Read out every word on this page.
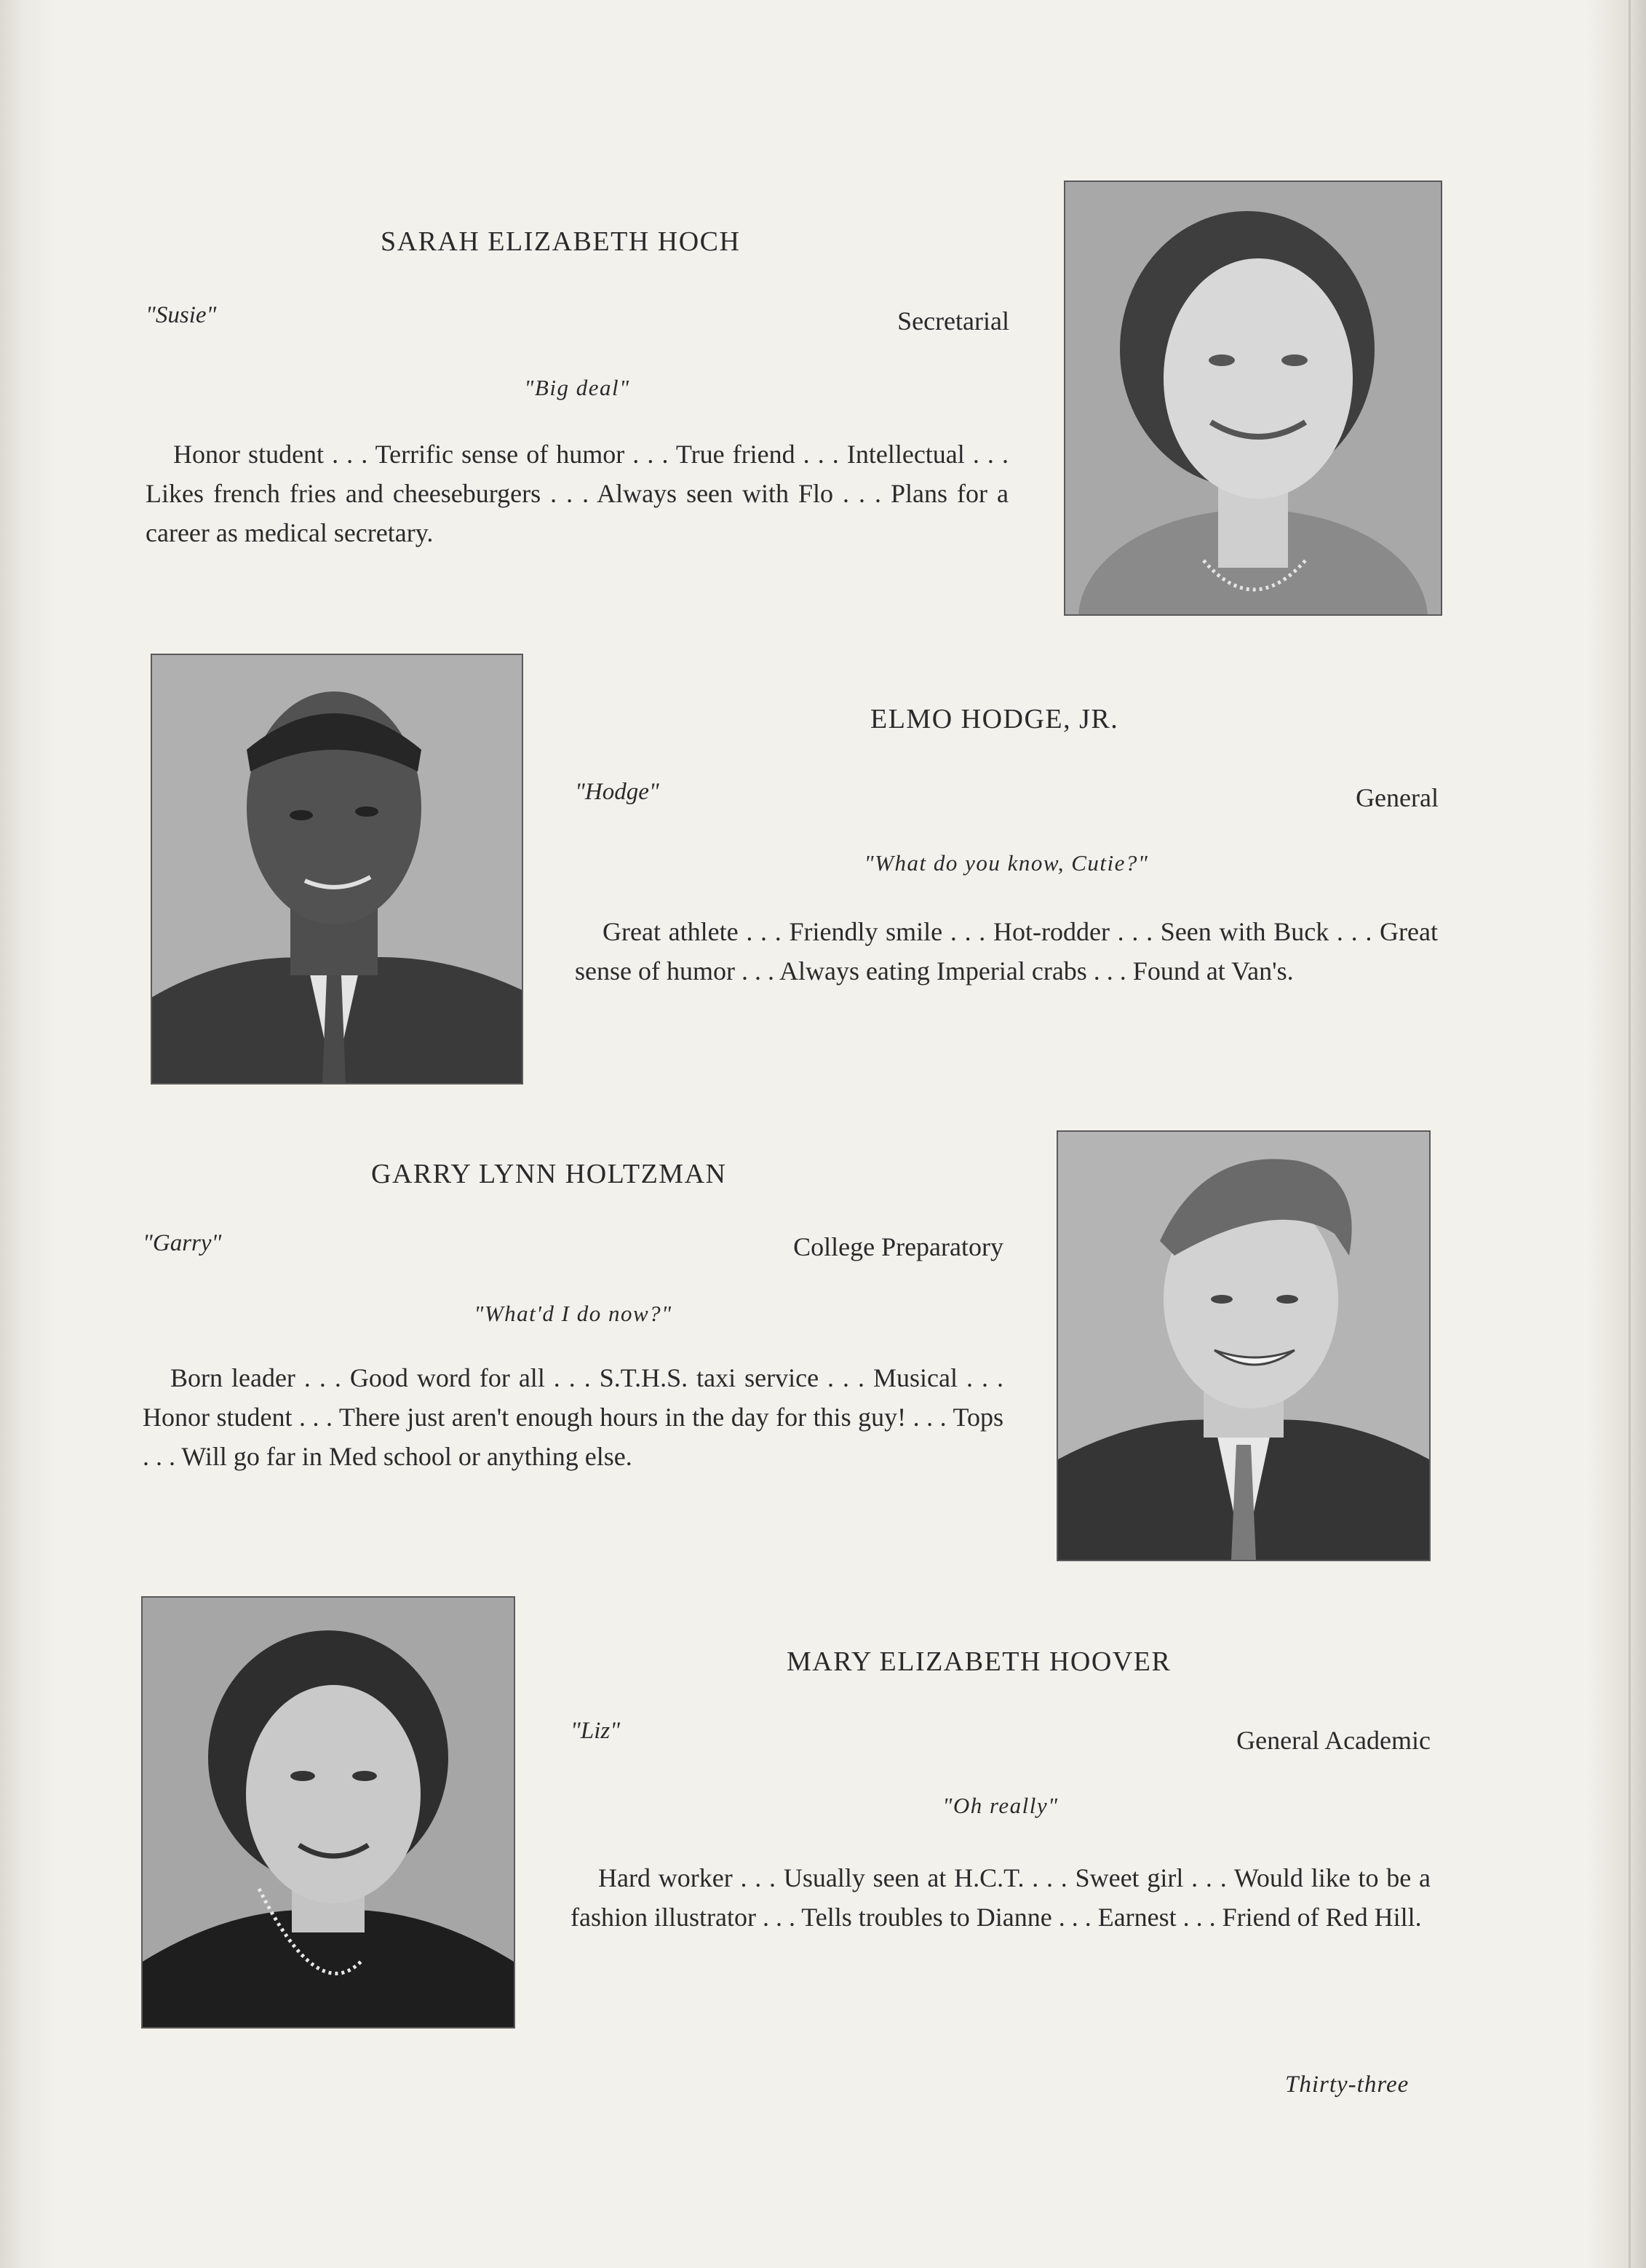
SARAH ELIZABETH HOCH
"Susie"	Secretarial
"Big deal"
Honor student . . . Terrific sense of humor . . . True friend . . . Intellectual . . . Likes french fries and cheeseburgers . . . Always seen with Flo . . . Plans for a career as medical secretary.
ELMO HODGE, JR.
"Hodge"	General
"What do you know, Cutie?"
Great athlete . . . Friendly smile . . . Hot-rodder . . . Seen with Buck . . . Great sense of humor . . . Always eating Imperial crabs . . . Found at Van's.
GARRY LYNN HOLTZMAN
"Garry"	College Preparatory
"What'd I do now?"
Born leader . . . Good word for all . . . S.T.H.S. taxi service . . . Musical . . . Honor student . . . There just aren't enough hours in the day for this guy! . . . Tops . . . Will go far in Med school or anything else.
MARY ELIZABETH HOOVER
"Liz"	General Academic
"Oh really"
Hard worker . . . Usually seen at H.C.T. . . . Sweet girl . . . Would like to be a fashion illustrator . . . Tells troubles to Dianne . . . Earnest . . . Friend of Red Hill.
Thirty-three
